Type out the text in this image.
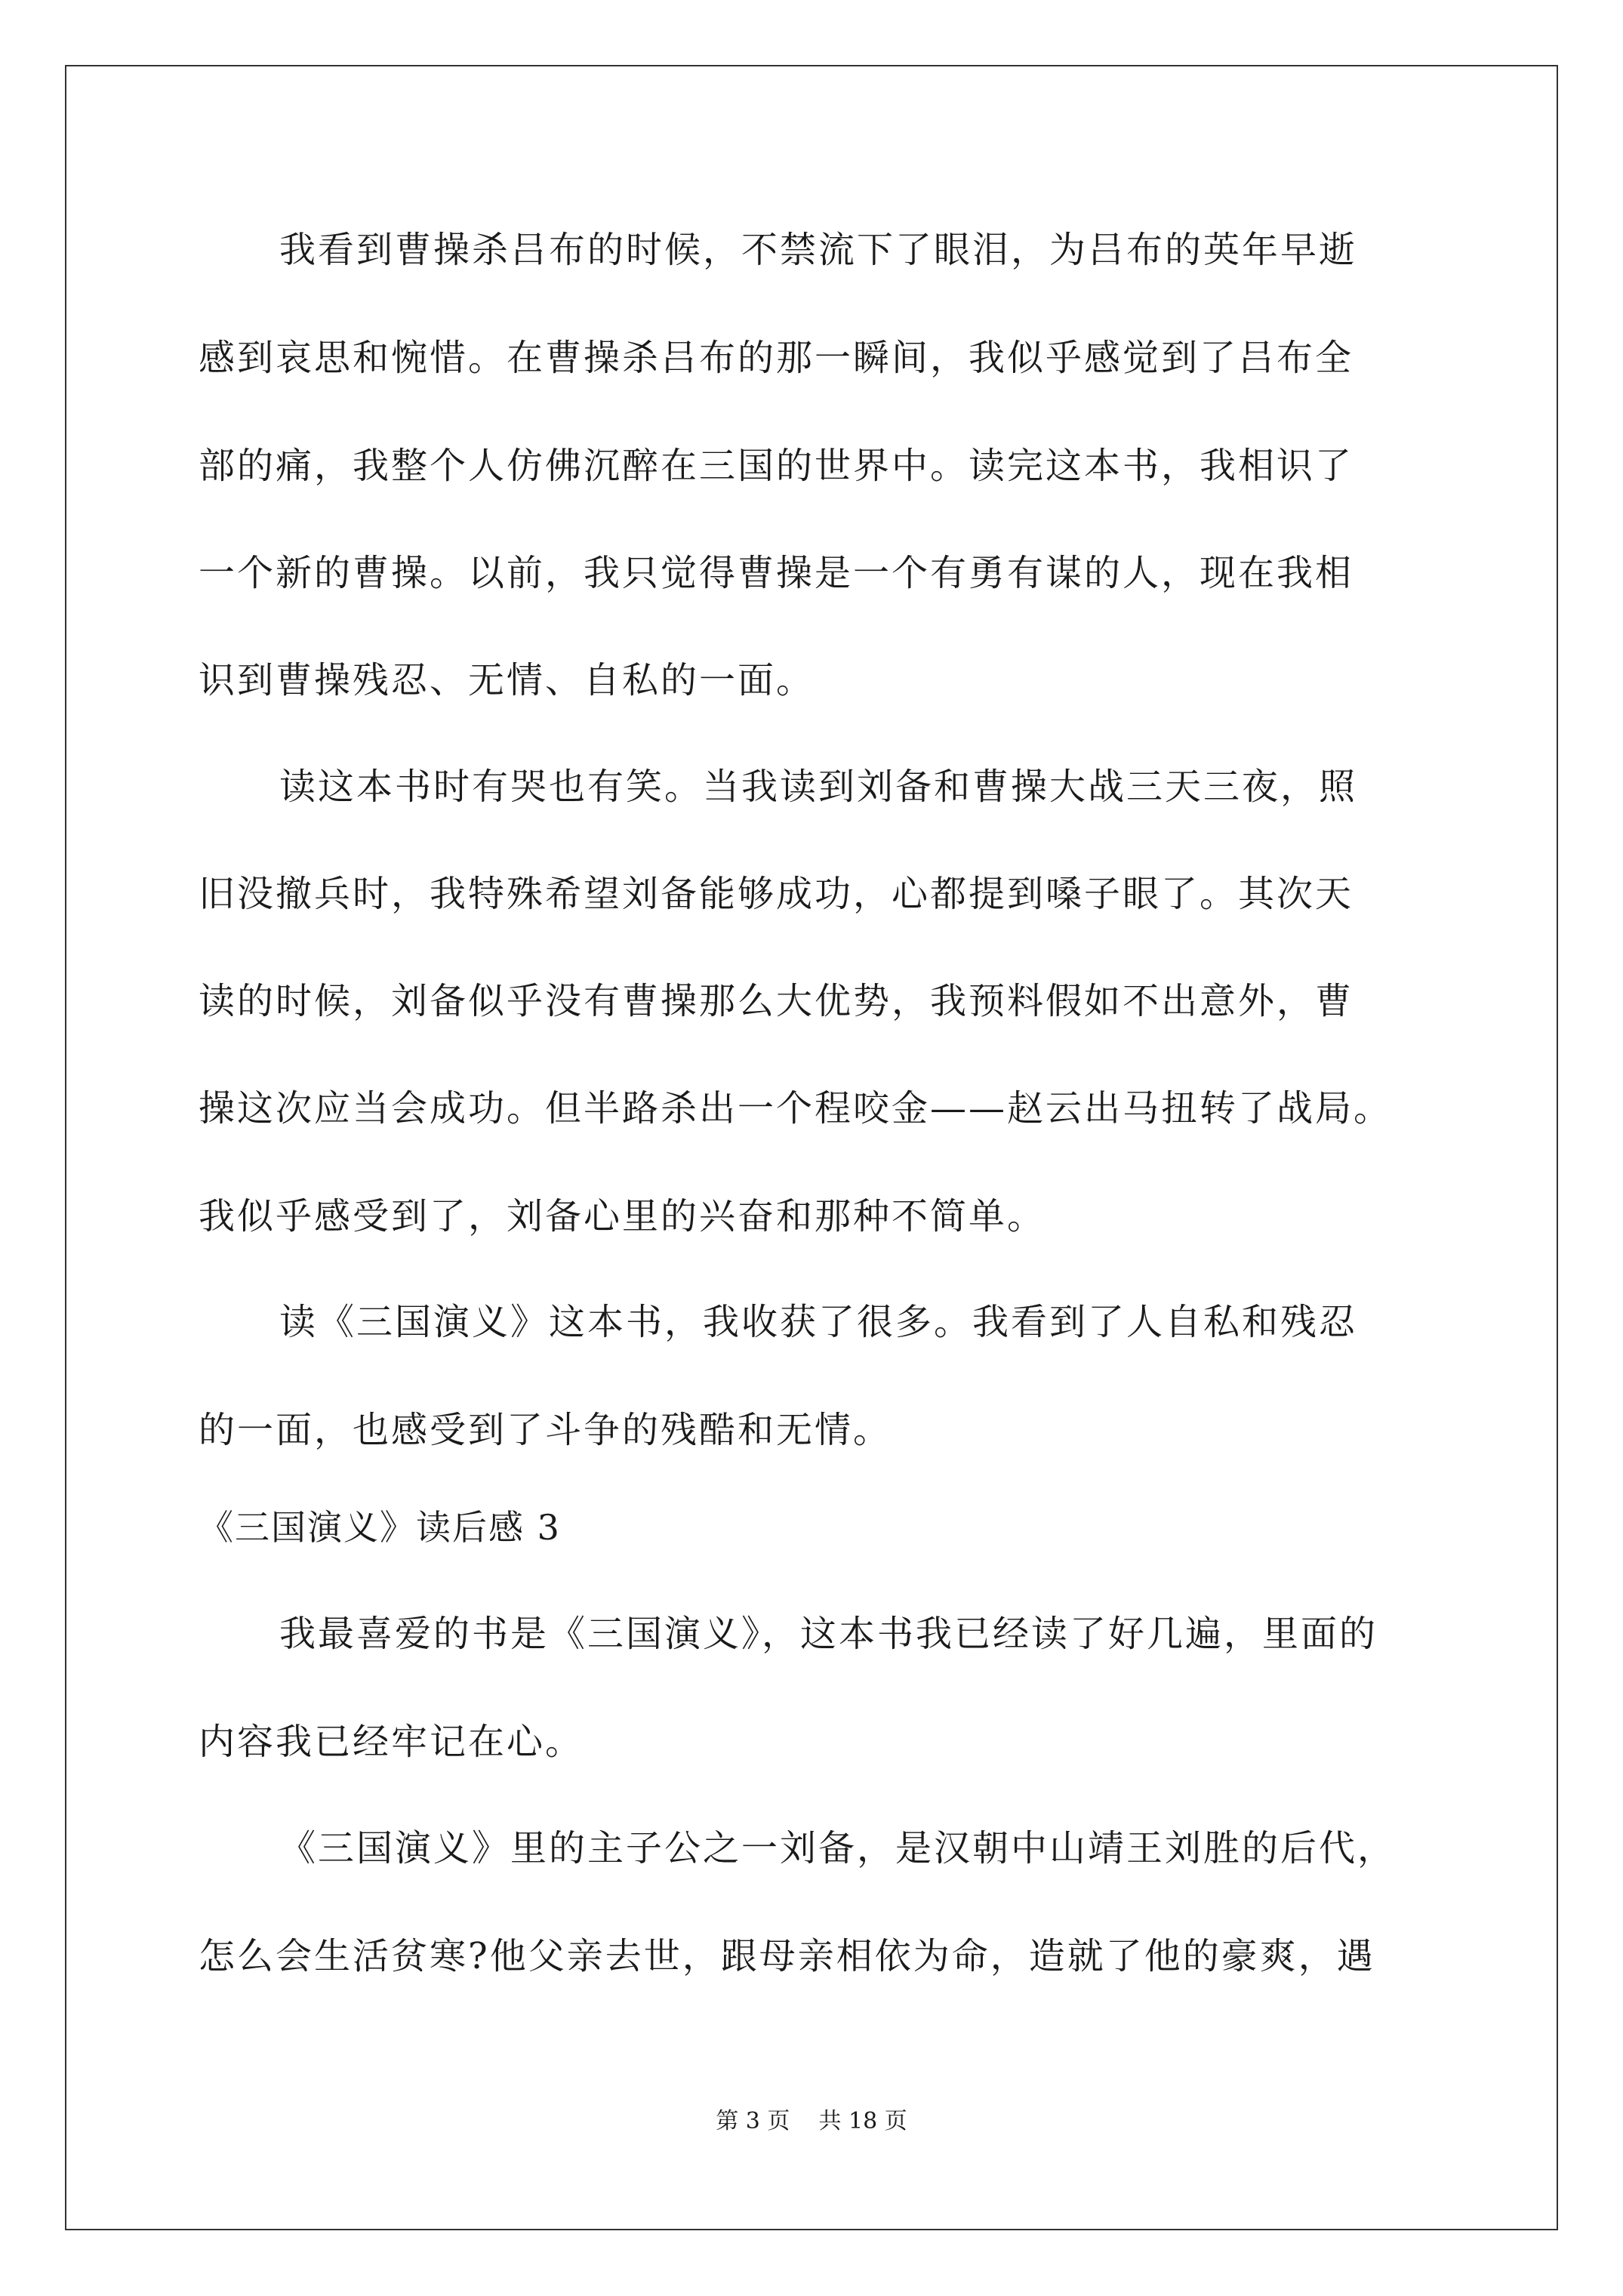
我看到曹操杀吕布的时候，不禁流下了眼泪，为吕布的英年早逝
感到哀思和惋惜。在曹操杀吕布的那一瞬间，我似乎感觉到了吕布全
部的痛，我整个人仿佛沉醉在三国的世界中。读完这本书，我相识了
一个新的曹操。以前，我只觉得曹操是一个有勇有谋的人，现在我相
识到曹操残忍、无情、自私的一面。
读这本书时有哭也有笑。当我读到刘备和曹操大战三天三夜，照
旧没撤兵时，我特殊希望刘备能够成功，心都提到嗓子眼了。其次天
读的时候，刘备似乎没有曹操那么大优势，我预料假如不出意外，曹
操这次应当会成功。但半路杀出一个程咬金——赵云出马扭转了战局。
我似乎感受到了，刘备心里的兴奋和那种不简单。
读《三国演义》这本书，我收获了很多。我看到了人自私和残忍
的一面，也感受到了斗争的残酷和无情。
《三国演义》读后感 3
我最喜爱的书是《三国演义》，这本书我已经读了好几遍，里面的
内容我已经牢记在心。
《三国演义》里的主子公之一刘备，是汉朝中山靖王刘胜的后代，
怎么会生活贫寒?他父亲去世，跟母亲相依为命，造就了他的豪爽，遇
第 3 页    共 18 页
